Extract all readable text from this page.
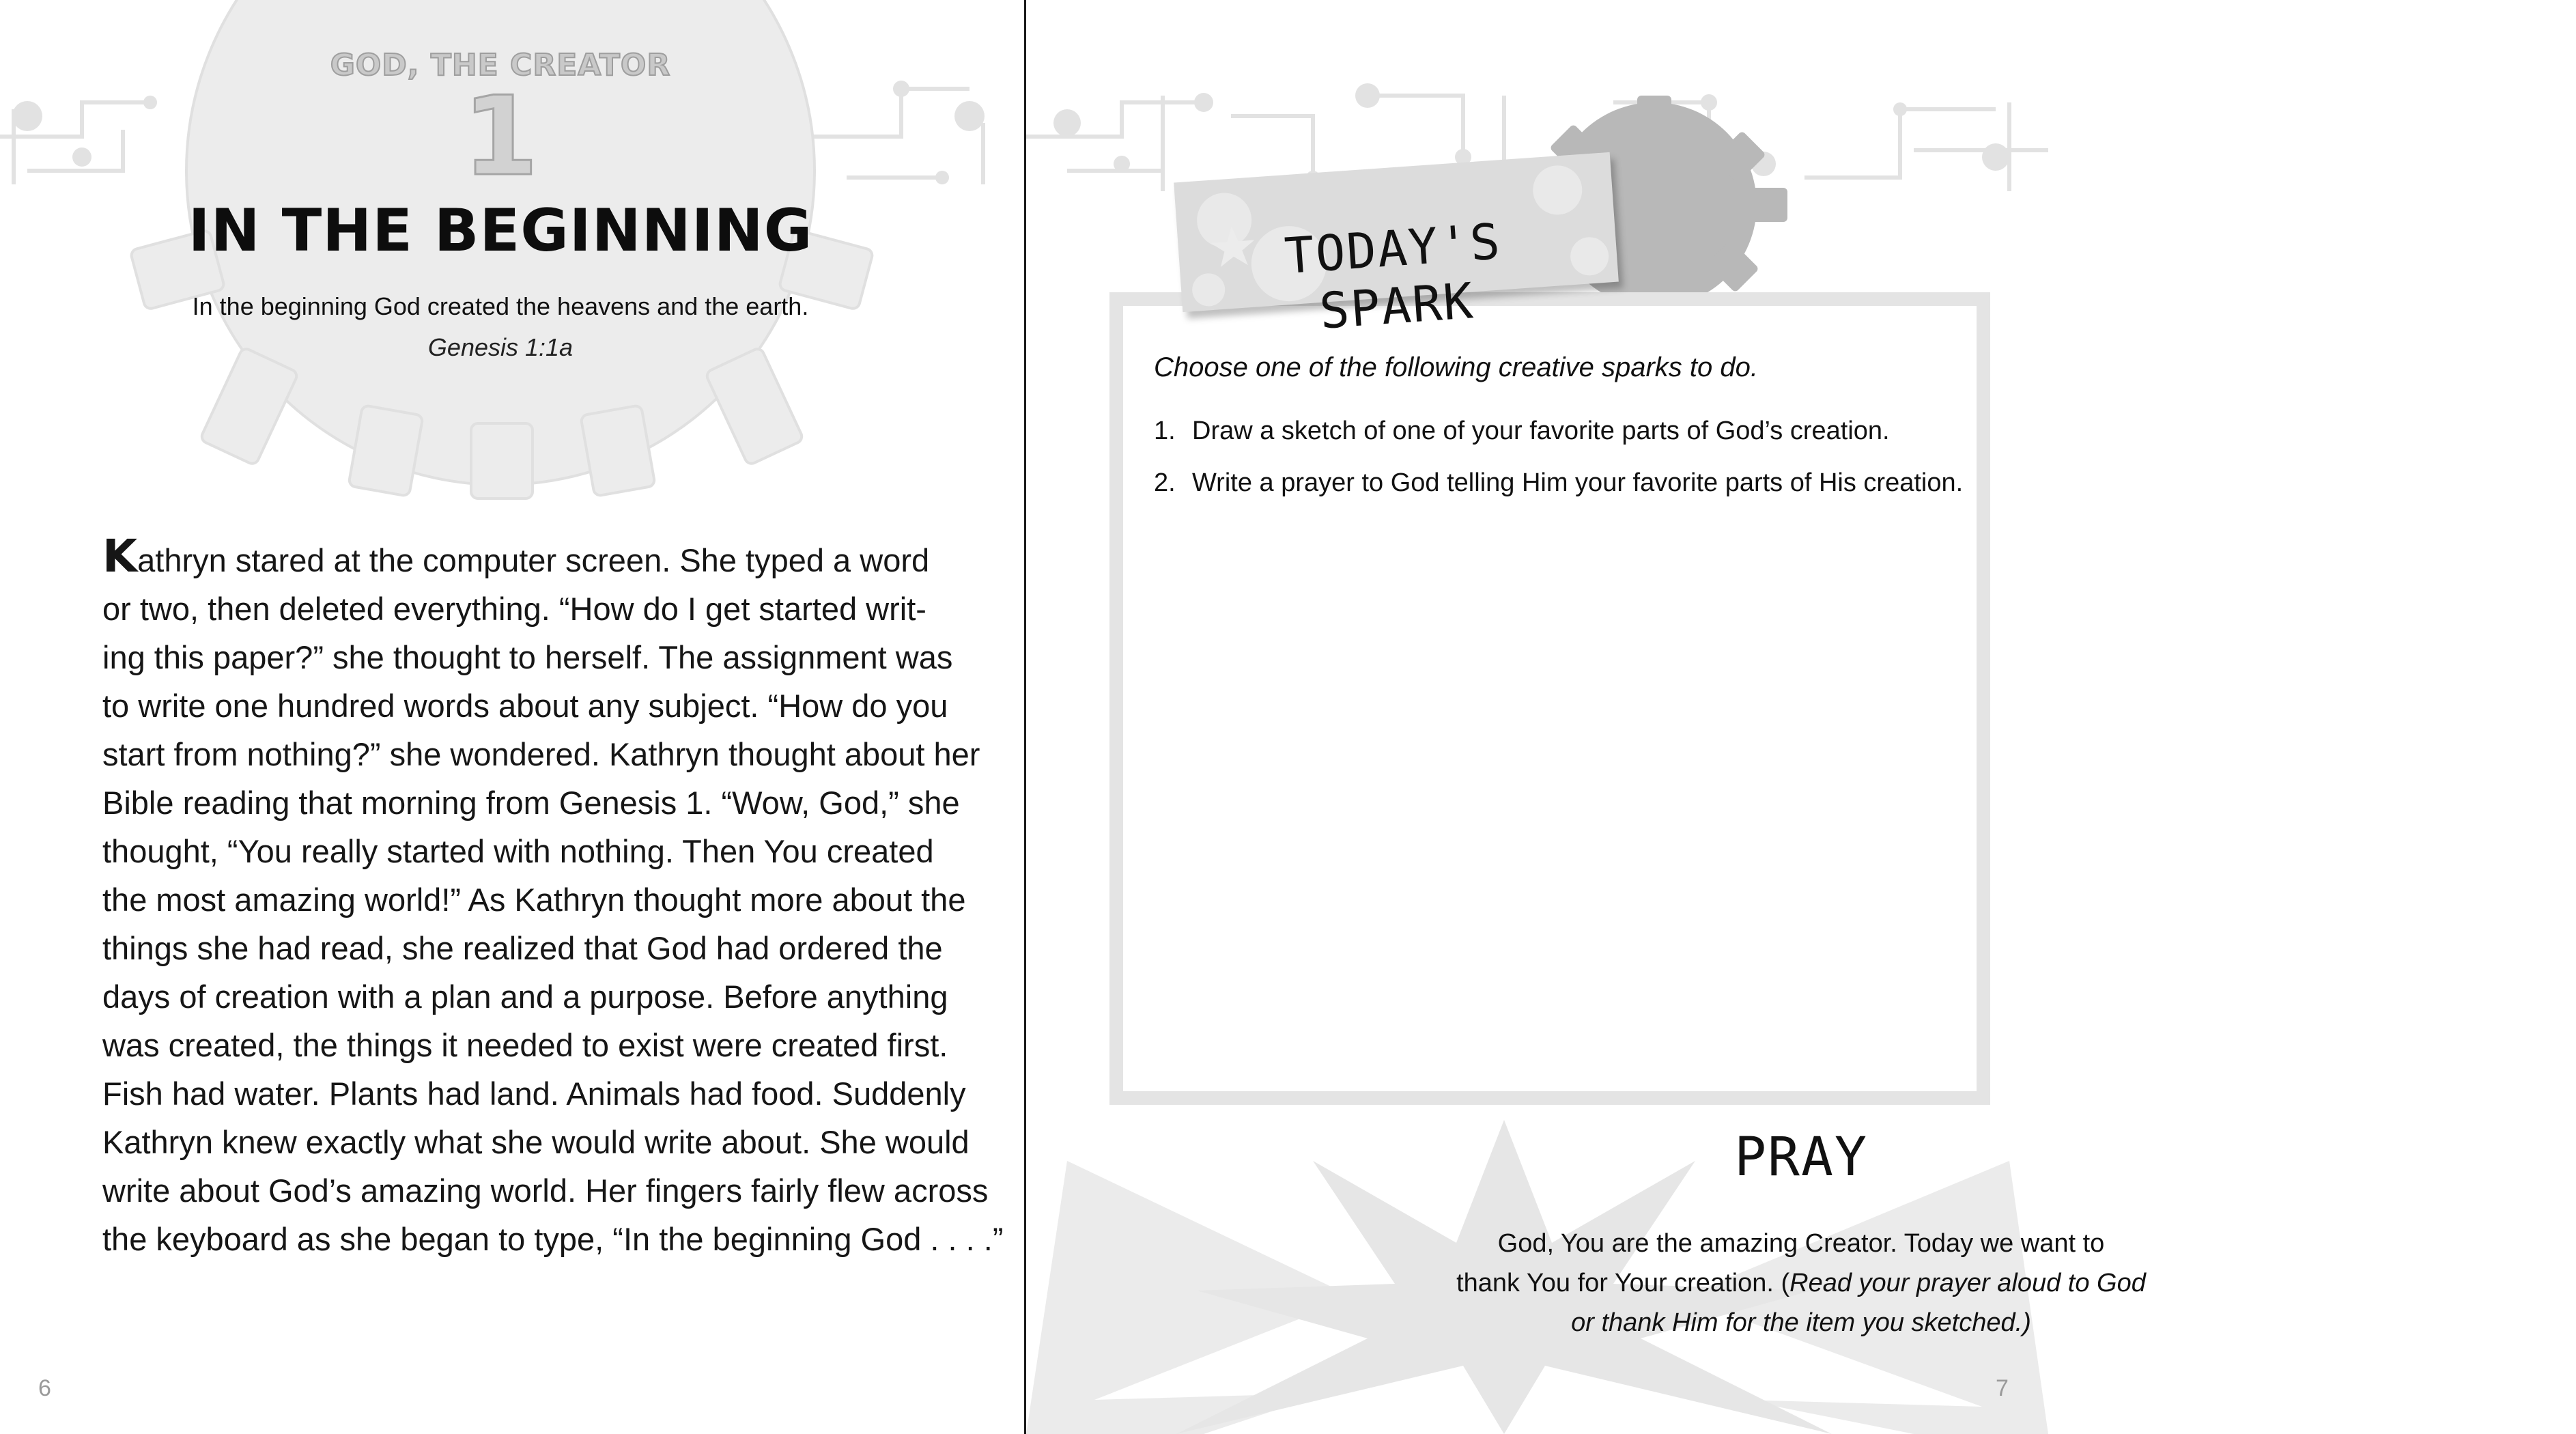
GOD, THE CREATOR
1
IN THE BEGINNING
In the beginning God created the heavens and the earth.
Genesis 1:1a
Kathryn stared at the computer screen. She typed a word
or two, then deleted everything. “How do I get started writ-
ing this paper?” she thought to herself. The assignment was
to write one hundred words about any subject. “How do you
start from nothing?” she wondered. Kathryn thought about her
Bible reading that morning from Genesis 1. “Wow, God,” she
thought, “You really started with nothing. Then You created
the most amazing world!” As Kathryn thought more about the
things she had read, she realized that God had ordered the
days of creation with a plan and a purpose. Before anything
was created, the things it needed to exist were created first.
Fish had water. Plants had land. Animals had food. Suddenly
Kathryn knew exactly what she would write about. She would
write about God’s amazing world. Her fingers fairly flew across
the keyboard as she began to type, “In the beginning God . . . .”
6
TODAY'S SPARK
Choose one of the following creative sparks to do.
1. Draw a sketch of one of your favorite parts of God’s creation.
2. Write a prayer to God telling Him your favorite parts of His creation.
PRAY
God, You are the amazing Creator. Today we want to
thank You for Your creation. (Read your prayer aloud to God
or thank Him for the item you sketched.)
7
